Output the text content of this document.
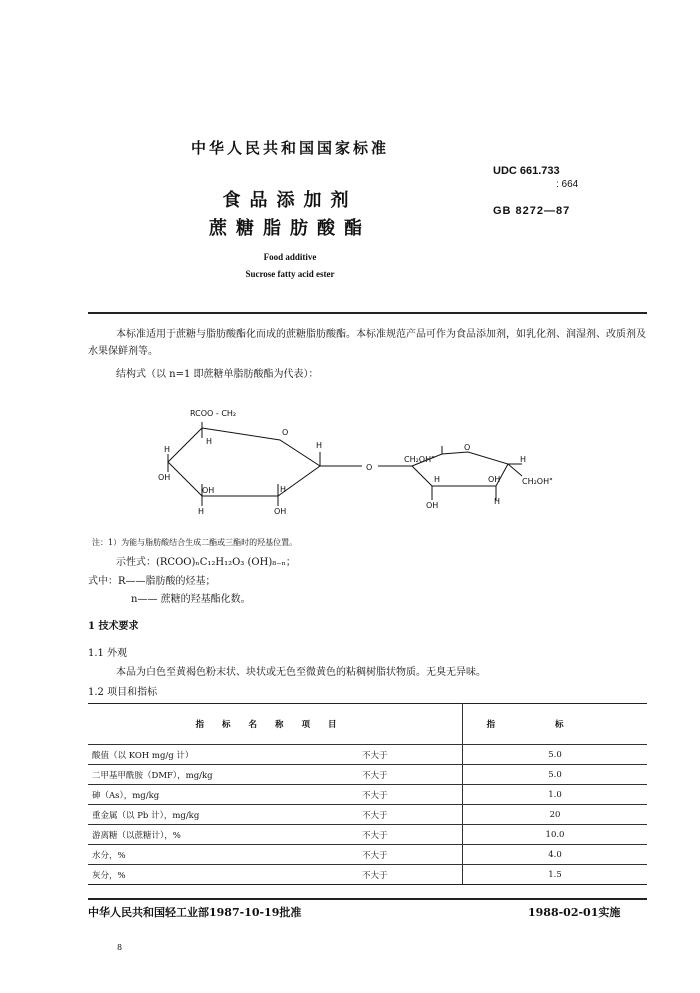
中华人民共和国国家标准
食品添加剂
蔗糖脂肪酸酯
Food additive
Sucrose fatty acid ester
UDC 661.733
: 664
GB 8272—87
本标准适用于蔗糖与脂肪酸酯化而成的蔗糖脂肪酸酯。本标准规范产品可作为食品添加剂，如乳化剂、润湿剂、改质剂及水果保鲜剂等。
结构式（以 n=1 即蔗糖单脂肪酸酯为代表）：
RCOO - CH₂
H
O
H
OH
OH
H
H
OH
H
O
CH₂OH"
O
H
CH₂OH"
H	OH
OH	H
注：1）为能与脂肪酸结合生成二酯或三酯时的羟基位置。
示性式：(RCOO)ₙC₁₂H₁₂O₃ (OH)₈₋ₙ；
式中：R——脂肪酸的烃基；
n—— 蔗糖的羟基酯化数。
1 技术要求
1.1 外观
本品为白色至黄褐色粉末状、块状或无色至微黄色的粘稠树脂状物质。无臭无异味。
1.2 项目和指标
指标名称项目		指标
酸值（以 KOH mg/g 计）	不大于	5.0
二甲基甲酰胺（DMF），mg/kg	不大于	5.0
砷（As），mg/kg	不大于	1.0
重金属（以 Pb 计），mg/kg	不大于	20
游离糖（以蔗糖计），%	不大于	10.0
水分，%	不大于	4.0
灰分，%	不大于	1.5
中华人民共和国轻工业部1987-10-19批准	1988-02-01实施
8
